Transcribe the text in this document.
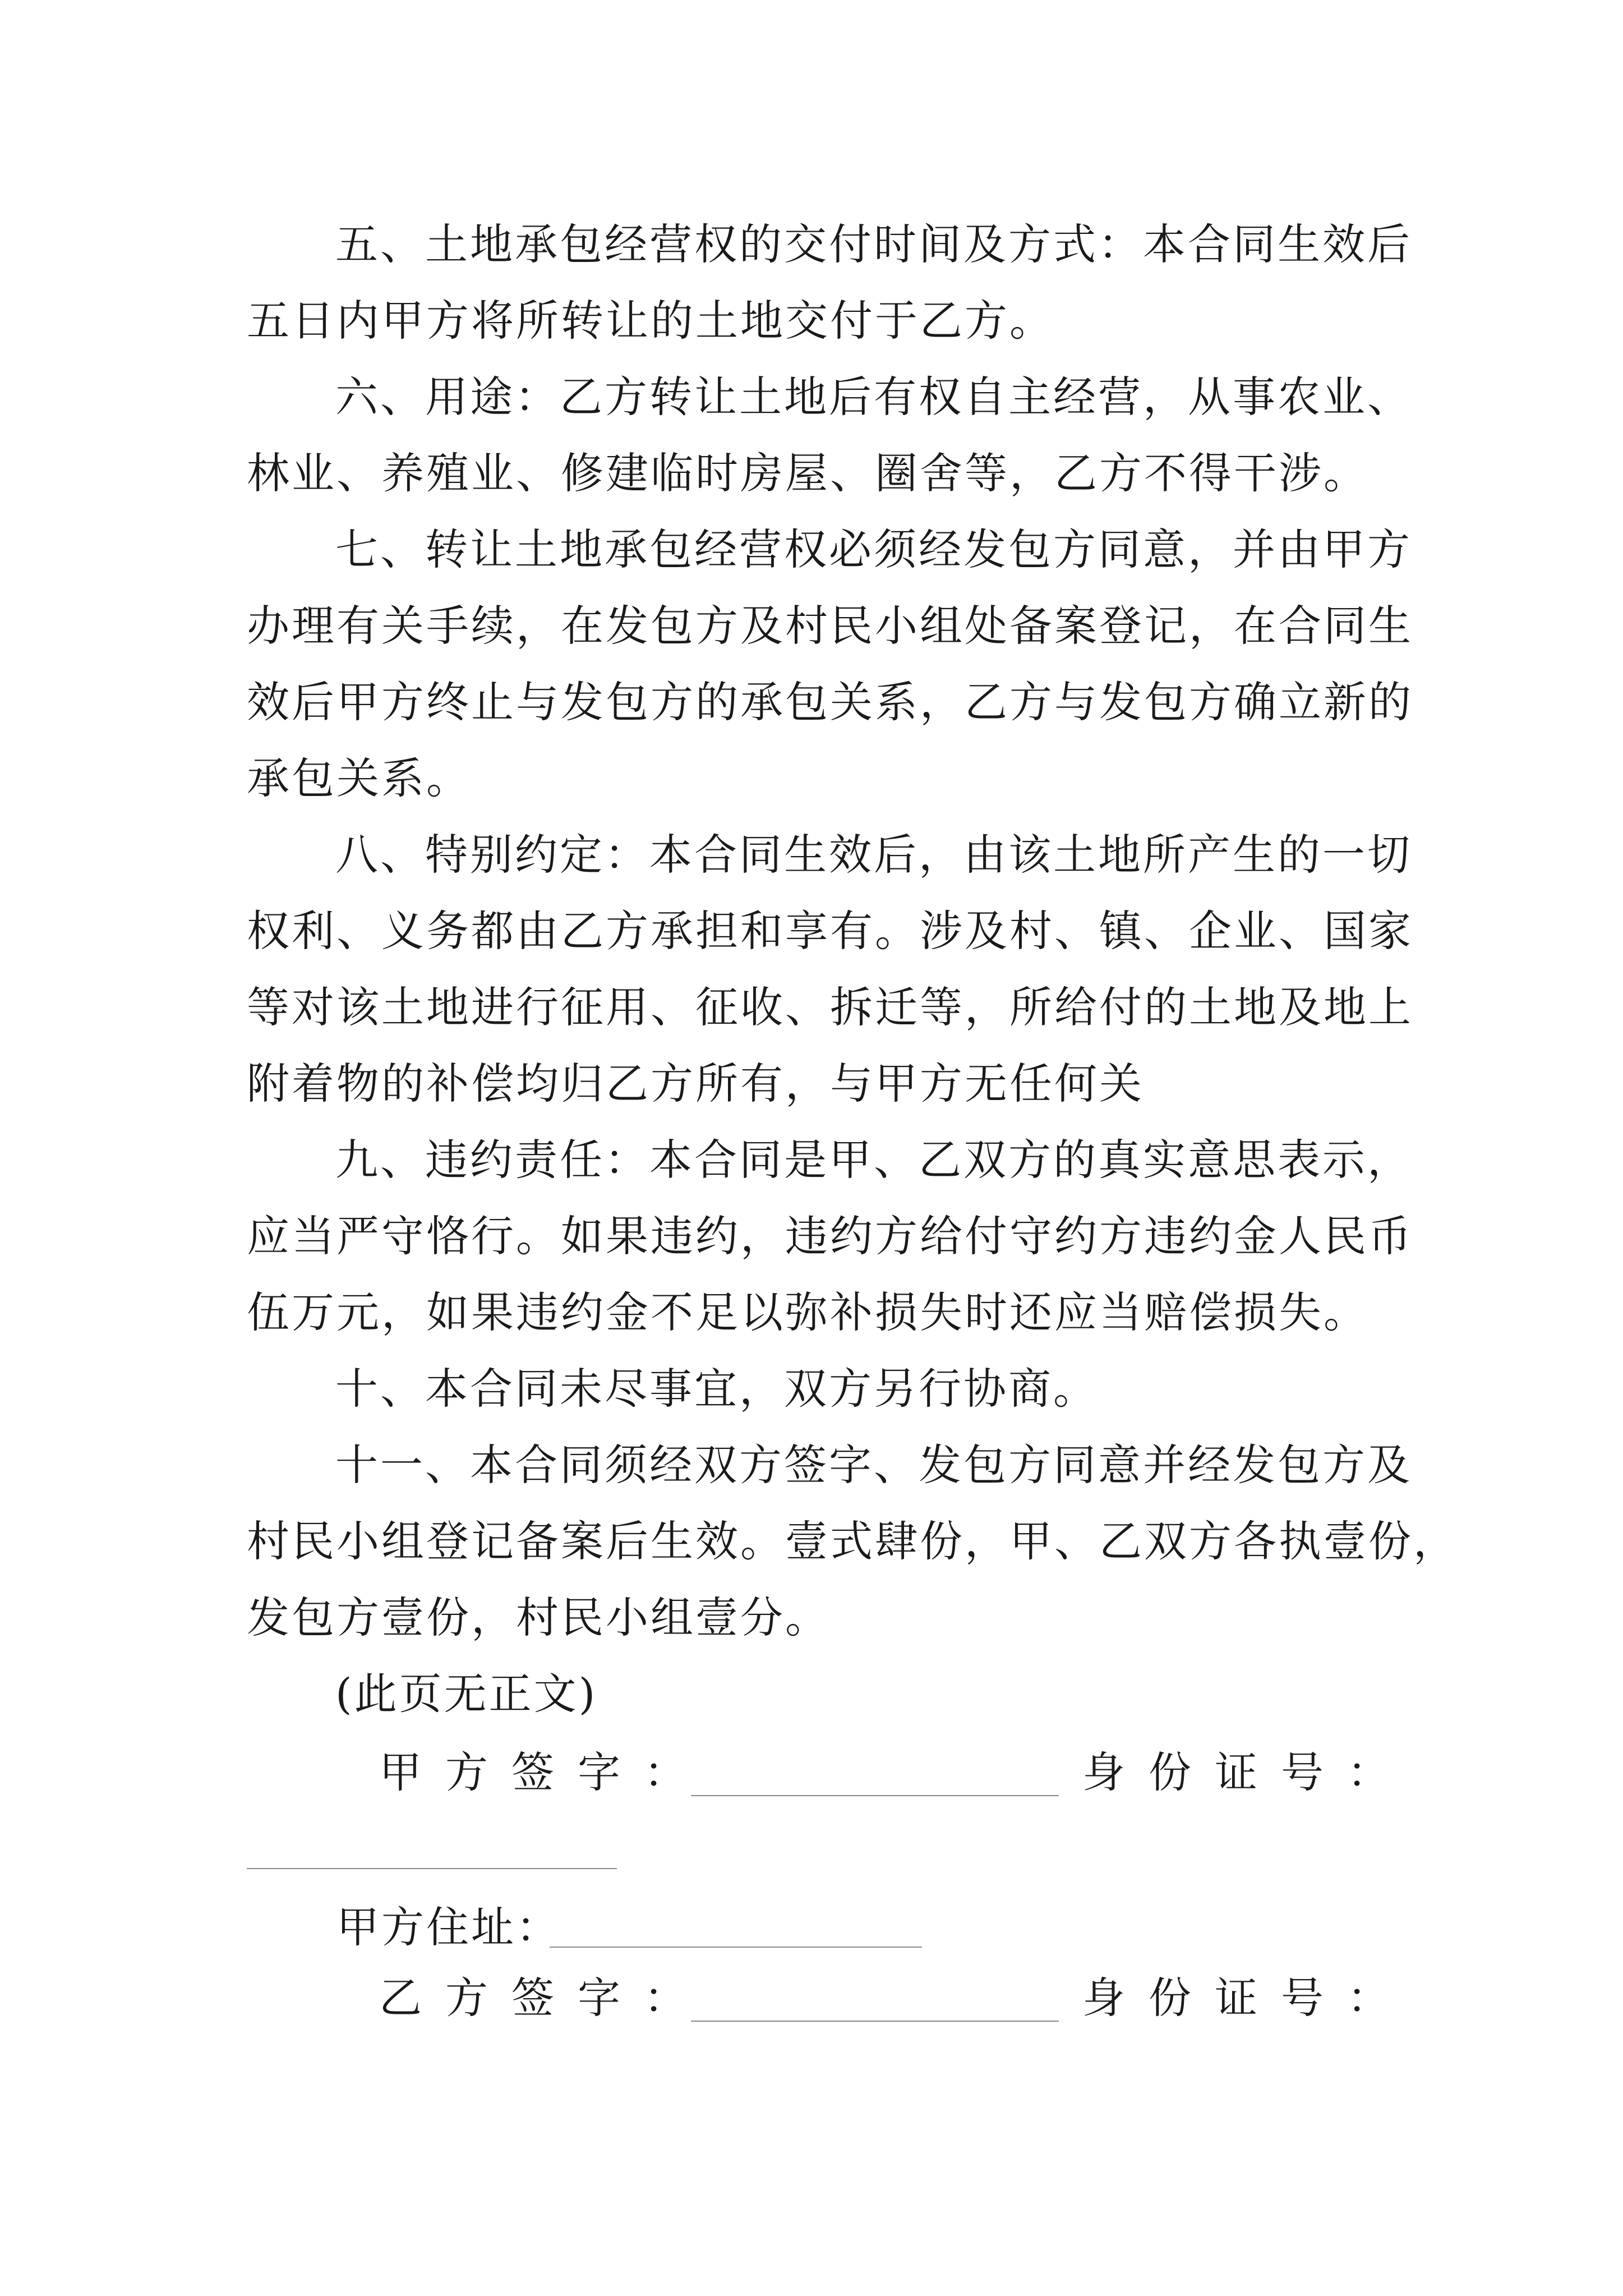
五、土地承包经营权的交付时间及方式：本合同生效后
五日内甲方将所转让的土地交付于乙方。
六、用途：乙方转让土地后有权自主经营，从事农业、
林业、养殖业、修建临时房屋、圈舍等，乙方不得干涉。
七、转让土地承包经营权必须经发包方同意，并由甲方
办理有关手续，在发包方及村民小组处备案登记，在合同生
效后甲方终止与发包方的承包关系，乙方与发包方确立新的
承包关系。
八、特别约定：本合同生效后，由该土地所产生的一切
权利、义务都由乙方承担和享有。涉及村、镇、企业、国家
等对该土地进行征用、征收、拆迁等，所给付的土地及地上
附着物的补偿均归乙方所有，与甲方无任何关
九、违约责任：本合同是甲、乙双方的真实意思表示，
应当严守恪行。如果违约，违约方给付守约方违约金人民币
伍万元，如果违约金不足以弥补损失时还应当赔偿损失。
十、本合同未尽事宜，双方另行协商。
十一、本合同须经双方签字、发包方同意并经发包方及
村民小组登记备案后生效。壹式肆份，甲、乙双方各执壹份，
发包方壹份，村民小组壹分。
(此页无正文)
甲方签字：	身份证号：
甲方住址：
乙方签字：	身份证号：
